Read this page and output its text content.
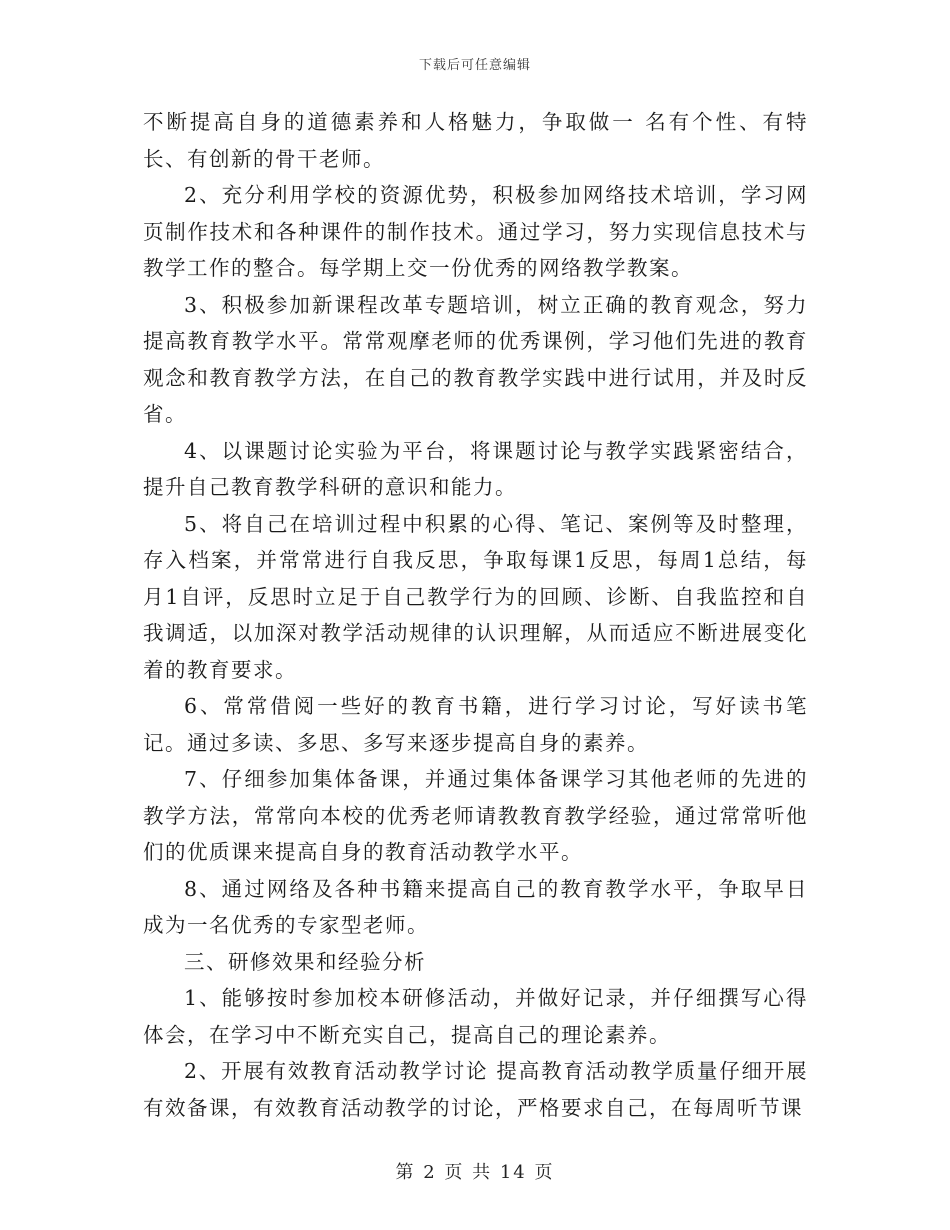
下载后可任意编辑

不断提高自身的道德素养和人格魅力，争取做一 名有个性、有特长、有创新的骨干老师。

2、充分利用学校的资源优势，积极参加网络技术培训，学习网页制作技术和各种课件的制作技术。通过学习，努力实现信息技术与教学工作的整合。每学期上交一份优秀的网络教学教案。

3、积极参加新课程改革专题培训，树立正确的教育观念，努力提高教育教学水平。常常观摩老师的优秀课例，学习他们先进的教育观念和教育教学方法，在自己的教育教学实践中进行试用，并及时反省。

4、以课题讨论实验为平台，将课题讨论与教学实践紧密结合，提升自己教育教学科研的意识和能力。

5、将自己在培训过程中积累的心得、笔记、案例等及时整理，存入档案，并常常进行自我反思，争取每课1反思，每周1总结，每月1自评，反思时立足于自己教学行为的回顾、诊断、自我监控和自我调适，以加深对教学活动规律的认识理解，从而适应不断进展变化着的教育要求。

6、常常借阅一些好的教育书籍，进行学习讨论，写好读书笔记。通过多读、多思、多写来逐步提高自身的素养。

7、仔细参加集体备课，并通过集体备课学习其他老师的先进的教学方法，常常向本校的优秀老师请教教育教学经验，通过常常听他们的优质课来提高自身的教育活动教学水平。

8、通过网络及各种书籍来提高自己的教育教学水平，争取早日成为一名优秀的专家型老师。

三、研修效果和经验分析

1、能够按时参加校本研修活动，并做好记录，并仔细撰写心得体会，在学习中不断充实自己，提高自己的理论素养。

2、开展有效教育活动教学讨论 提高教育活动教学质量仔细开展有效备课，有效教育活动教学的讨论，严格要求自己，在每周听节课

第 2 页 共 14 页
